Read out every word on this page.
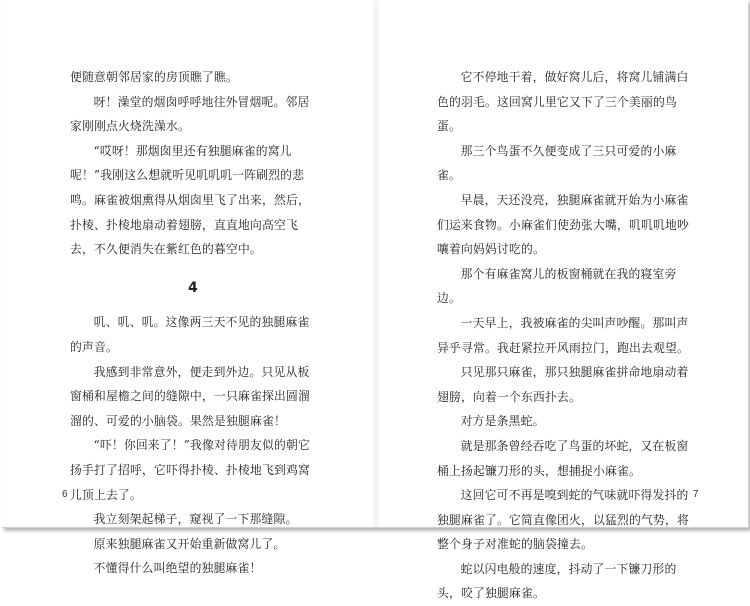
便随意朝邻居家的房顶瞧了瞧。

呀！澡堂的烟囱呼呼地往外冒烟呢。邻居家刚刚点火烧洗澡水。

“哎呀！那烟囱里还有独腿麻雀的窝儿呢！”我刚这么想就听见叽叽叽一阵刷烈的悲鸣。麻雀被烟熏得从烟囱里飞了出来，然后，扑棱、扑棱地扇动着翅膀，直直地向高空飞去，不久便消失在紫红色的暮空中。

4

叽、叽、叽。这像两三天不见的独腿麻雀的声音。

我感到非常意外，便走到外边。只见从板窗桶和屋檐之间的缝隙中，一只麻雀探出圆溜溜的、可爱的小脑袋。果然是独腿麻雀！

“吓！你回来了！”我像对待朋友似的朝它扬手打了招呼，它吓得扑棱、扑棱地飞到鸡窝儿顶上去了。

我立刻架起梯子，窥视了一下那缝隙。

原来独腿麻雀又开始重新做窝儿了。

不懂得什么叫绝望的独腿麻雀！

6

它不停地干着，做好窝儿后，将窝儿铺满白色的羽毛。这回窝儿里它又下了三个美丽的鸟蛋。

那三个鸟蛋不久便变成了三只可爱的小麻雀。

早晨，天还没亮，独腿麻雀就开始为小麻雀们运来食物。小麻雀们使劲张大嘴，叽叽叽地吵嚷着向妈妈讨吃的。

那个有麻雀窝儿的板窗桶就在我的寝室旁边。

一天早上，我被麻雀的尖叫声吵醒。那叫声异乎寻常。我赶紧拉开风雨拉门，跑出去观望。

只见那只麻雀，那只独腿麻雀拼命地扇动着翅膀，向着一个东西扑去。

对方是条黑蛇。

就是那条曾经吞吃了鸟蛋的坏蛇，又在板窗桶上扬起镰刀形的头，想捕捉小麻雀。

这回它可不再是嗅到蛇的气味就吓得发抖的独腿麻雀了。它简直像团火，以猛烈的气势，将整个身子对准蛇的脑袋撞去。

蛇以闪电般的速度，抖动了一下镰刀形的头，咬了独腿麻雀。

7
